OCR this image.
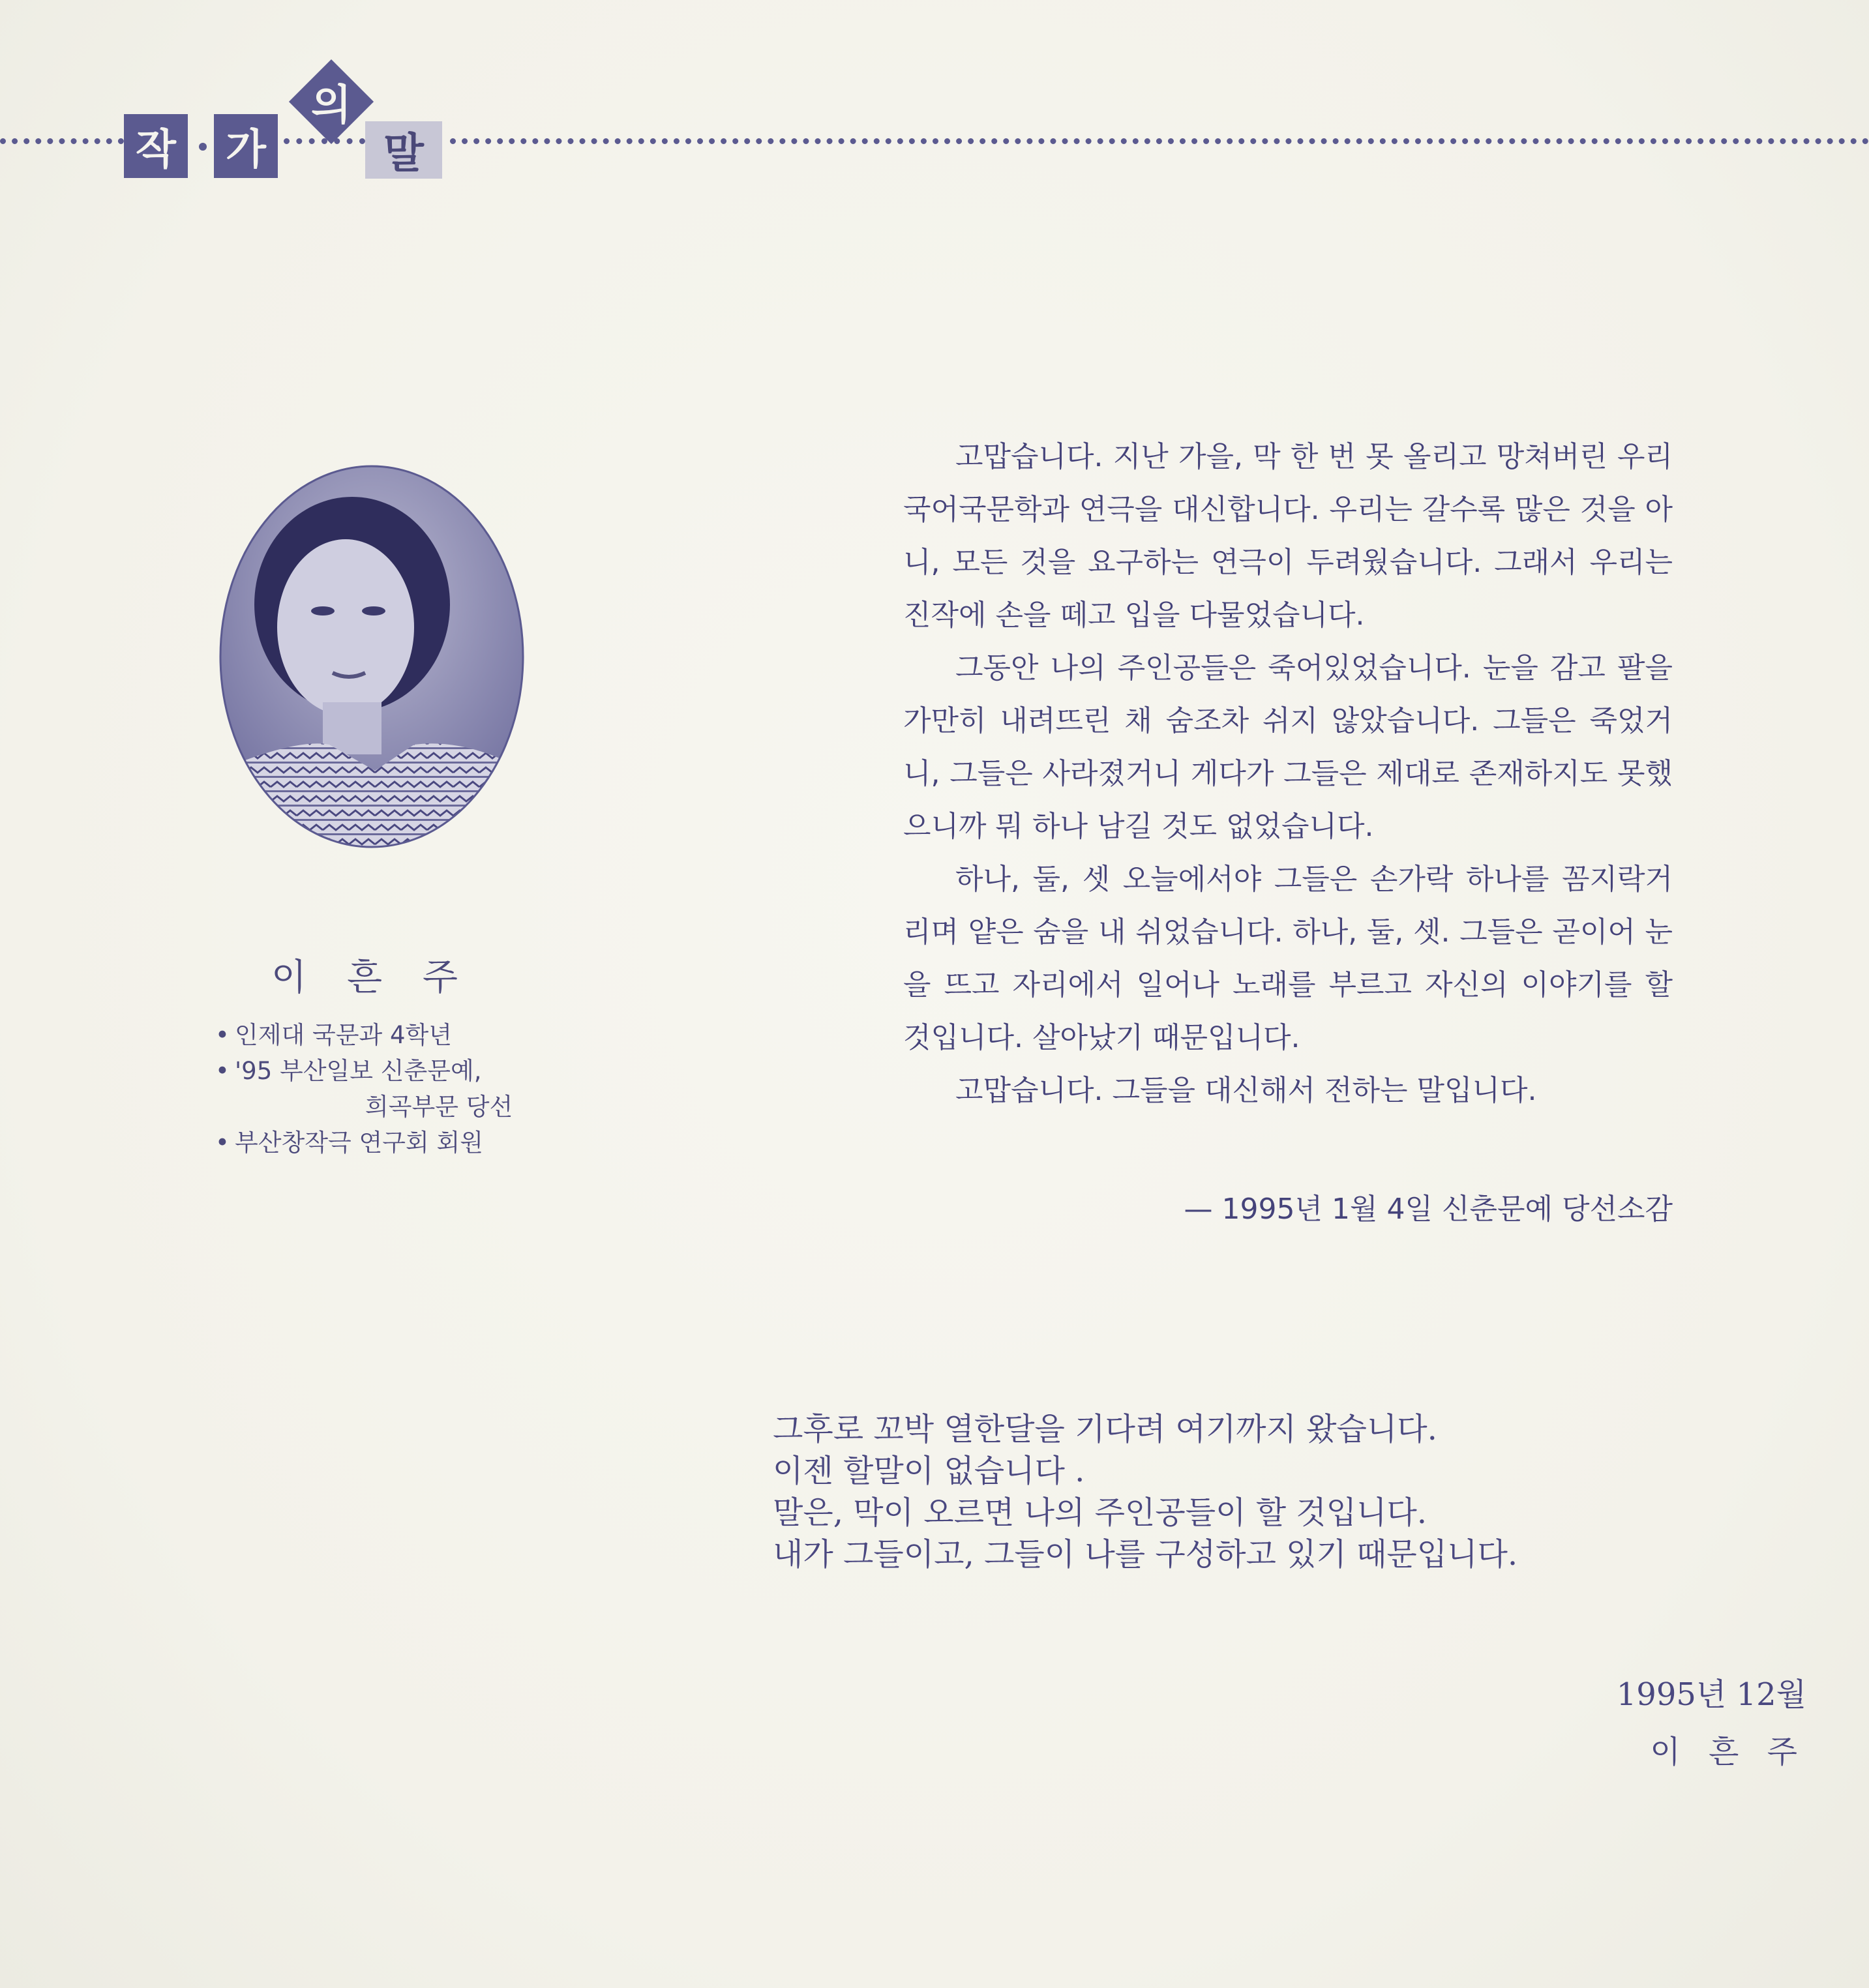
작 가
의
말
이 흔 주
• 인제대 국문과 4학년
• '95 부산일보 신춘문예,
희곡부문 당선
• 부산창작극 연구회 회원

고맙습니다. 지난 가을, 막 한 번 못 올리고 망쳐버린 우리 국어국문학과 연극을 대신합니다. 우리는 갈수록 많은 것을 아니, 모든 것을 요구하는 연극이 두려웠습니다. 그래서 우리는 진작에 손을 떼고 입을 다물었습니다.

그동안 나의 주인공들은 죽어있었습니다. 눈을 감고 팔을 가만히 내려뜨린 채 숨조차 쉬지 않았습니다. 그들은 죽었거니, 그들은 사라졌거니 게다가 그들은 제대로 존재하지도 못했으니까 뭐 하나 남길 것도 없었습니다.

하나, 둘, 셋 오늘에서야 그들은 손가락 하나를 꼼지락거리며 얕은 숨을 내 쉬었습니다. 하나, 둘, 셋. 그들은 곧이어 눈을 뜨고 자리에서 일어나 노래를 부르고 자신의 이야기를 할 것입니다. 살아났기 때문입니다.

고맙습니다. 그들을 대신해서 전하는 말입니다.

— 1995년 1월 4일 신춘문예 당선소감
그후로 꼬박 열한달을 기다려 여기까지 왔습니다.
이젠 할말이 없습니다 .
말은, 막이 오르면 나의 주인공들이 할 것입니다.
내가 그들이고, 그들이 나를 구성하고 있기 때문입니다.
1995년 12월
이 흔 주
